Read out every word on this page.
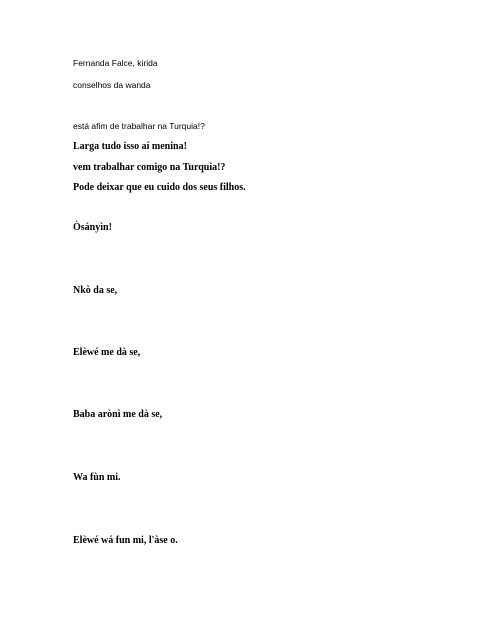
Fernanda Falce, kirida
conselhos da wanda
está afim de trabalhar na Turquia!?
Larga tudo isso aí menina!
vem trabalhar comigo na Turquia!?
Pode deixar que eu cuido dos seus filhos.
Òsányìn!
Nkò da se,
Elèwé me dà se,
Baba arònì me dà se,
Wa fùn mi.
Elèwé wá fun mi, l'àse o.
